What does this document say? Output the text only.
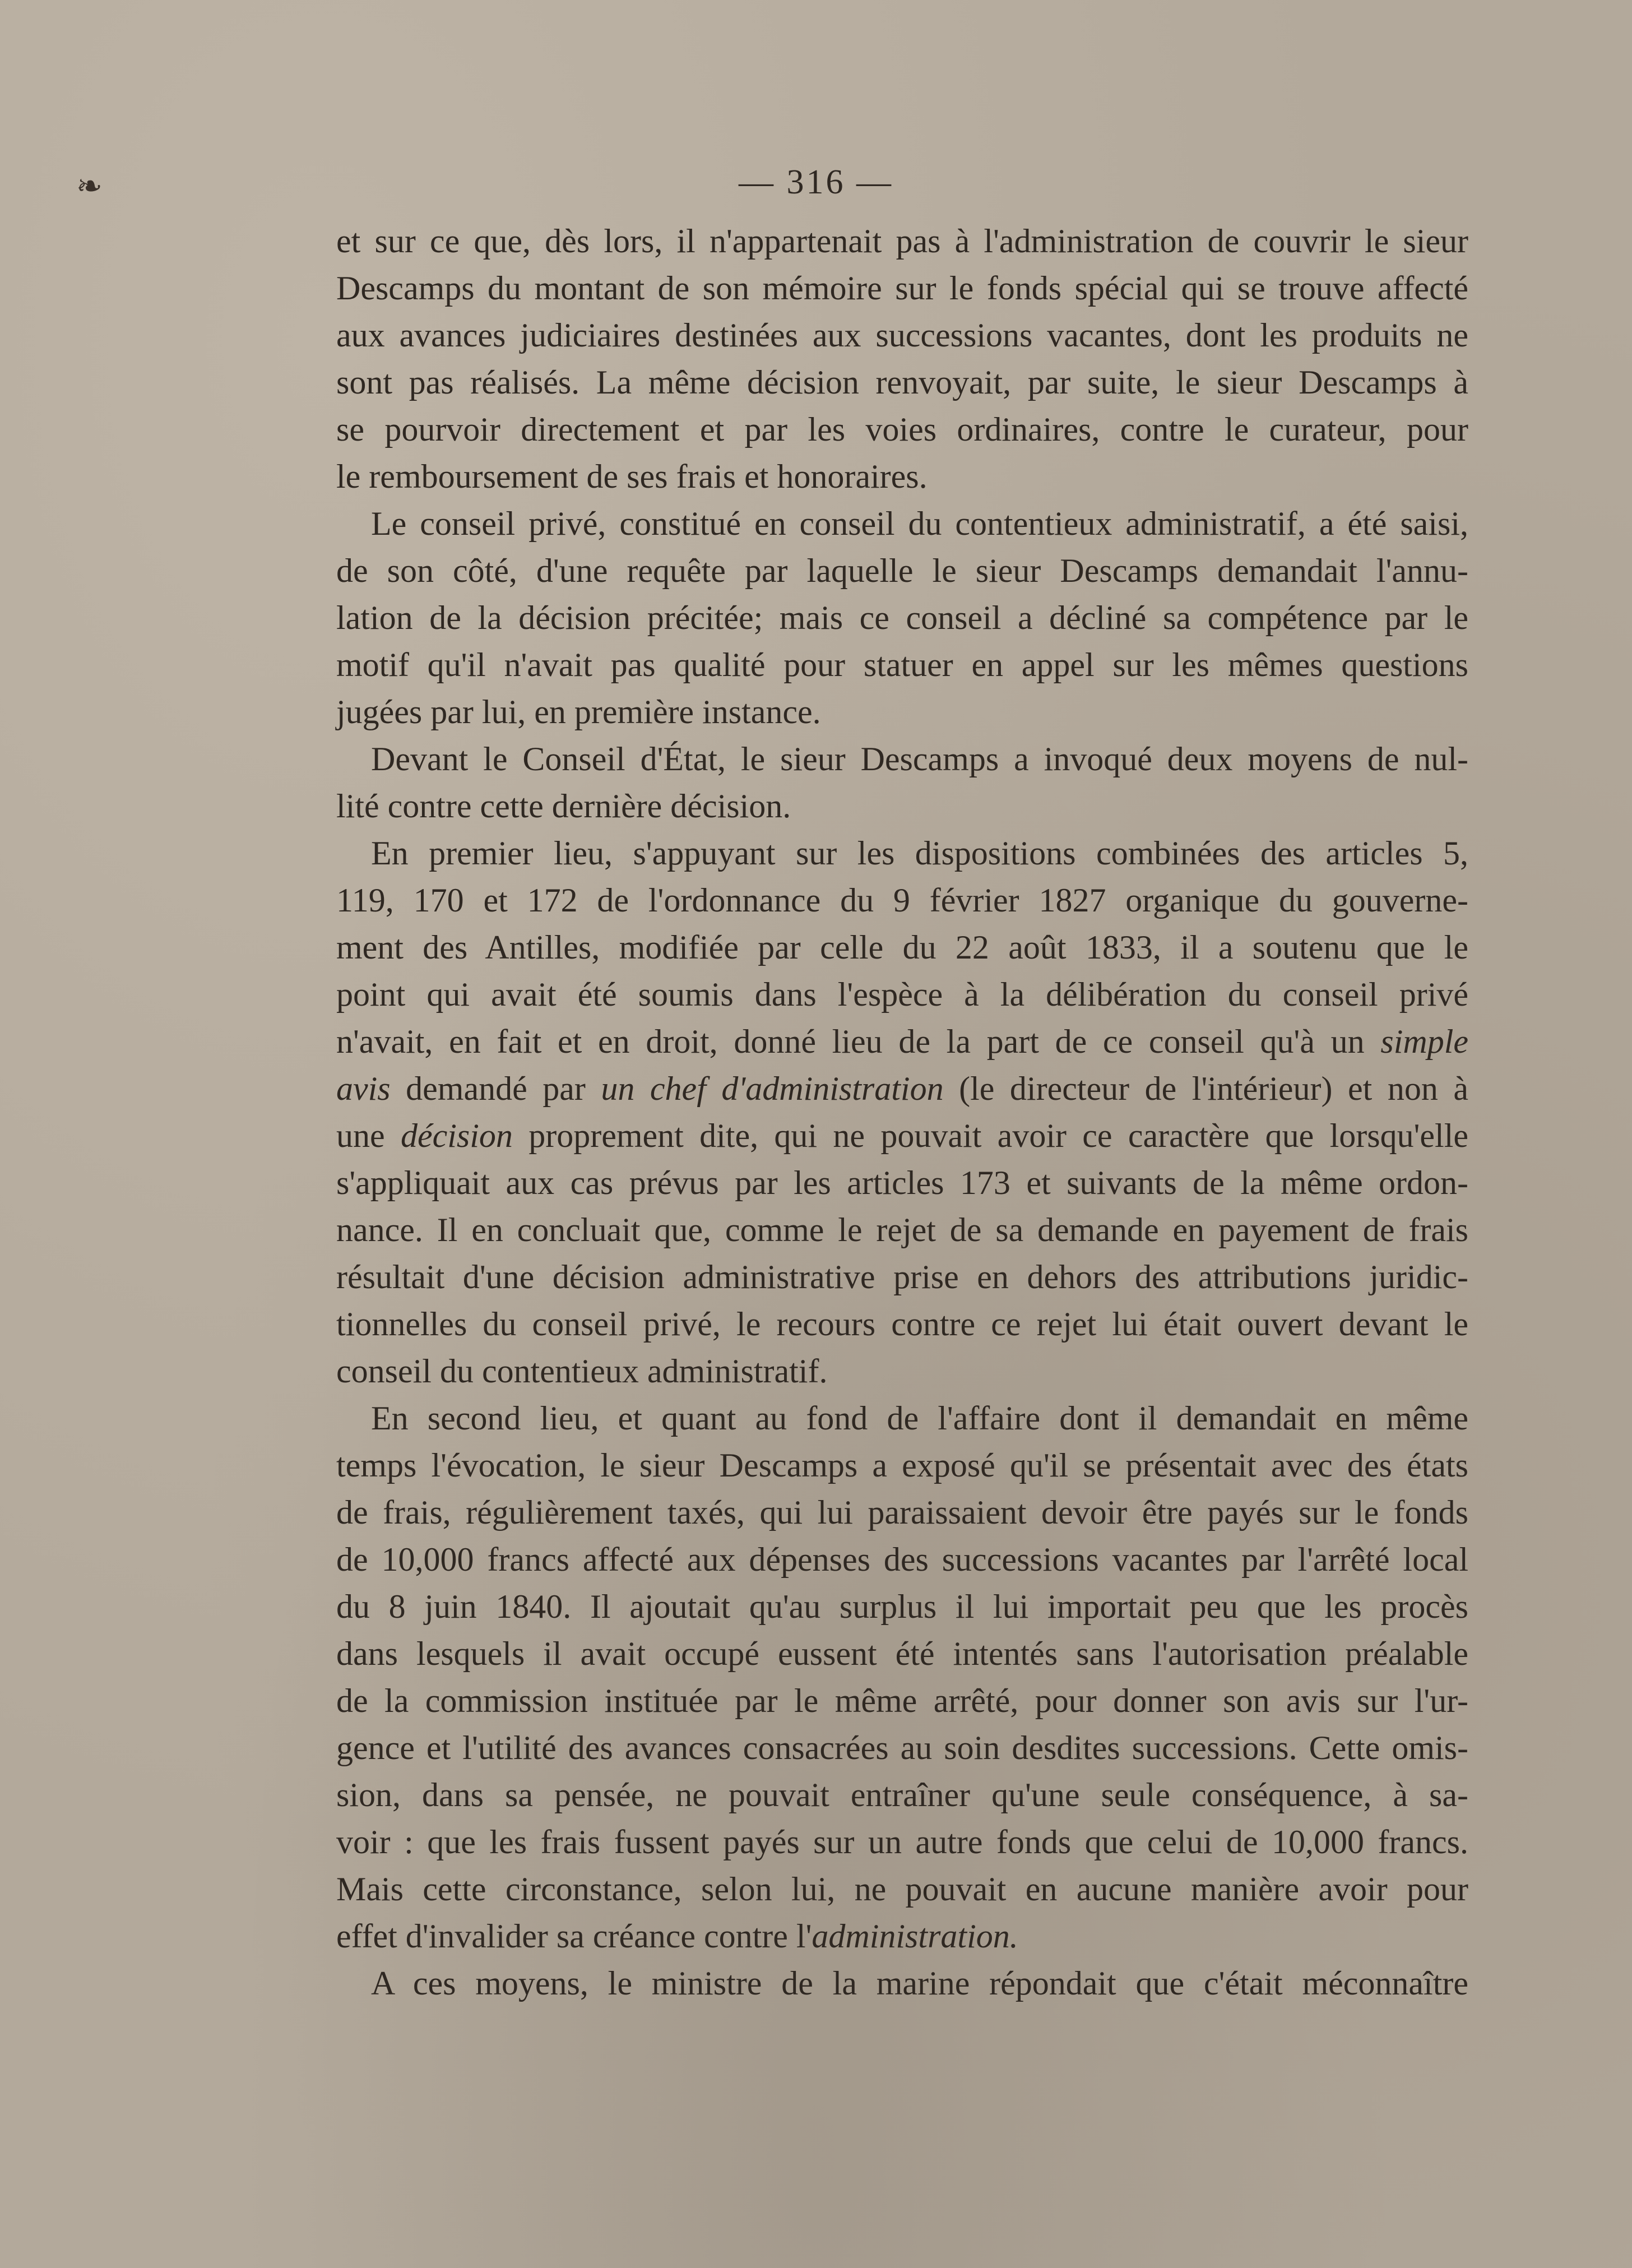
❧	— 316 —
et sur ce que, dès lors, il n'appartenait pas à l'administration de couvrir le sieur
Descamps du montant de son mémoire sur le fonds spécial qui se trouve affecté
aux avances judiciaires destinées aux successions vacantes, dont les produits ne
sont pas réalisés. La même décision renvoyait, par suite, le sieur Descamps à
se pourvoir directement et par les voies ordinaires, contre le curateur, pour
le remboursement de ses frais et honoraires.
Le conseil privé, constitué en conseil du contentieux administratif, a été saisi,
de son côté, d'une requête par laquelle le sieur Descamps demandait l'annu-
lation de la décision précitée; mais ce conseil a décliné sa compétence par le
motif qu'il n'avait pas qualité pour statuer en appel sur les mêmes questions
jugées par lui, en première instance.
Devant le Conseil d'État, le sieur Descamps a invoqué deux moyens de nul-
lité contre cette dernière décision.
En premier lieu, s'appuyant sur les dispositions combinées des articles 5,
119, 170 et 172 de l'ordonnance du 9 février 1827 organique du gouverne-
ment des Antilles, modifiée par celle du 22 août 1833, il a soutenu que le
point qui avait été soumis dans l'espèce à la délibération du conseil privé
n'avait, en fait et en droit, donné lieu de la part de ce conseil qu'à un simple
avis demandé par un chef d'administration (le directeur de l'intérieur) et non à
une décision proprement dite, qui ne pouvait avoir ce caractère que lorsqu'elle
s'appliquait aux cas prévus par les articles 173 et suivants de la même ordon-
nance. Il en concluait que, comme le rejet de sa demande en payement de frais
résultait d'une décision administrative prise en dehors des attributions juridic-
tionnelles du conseil privé, le recours contre ce rejet lui était ouvert devant le
conseil du contentieux administratif.
En second lieu, et quant au fond de l'affaire dont il demandait en même
temps l'évocation, le sieur Descamps a exposé qu'il se présentait avec des états
de frais, régulièrement taxés, qui lui paraissaient devoir être payés sur le fonds
de 10,000 francs affecté aux dépenses des successions vacantes par l'arrêté local
du 8 juin 1840. Il ajoutait qu'au surplus il lui importait peu que les procès
dans lesquels il avait occupé eussent été intentés sans l'autorisation préalable
de la commission instituée par le même arrêté, pour donner son avis sur l'ur-
gence et l'utilité des avances consacrées au soin desdites successions. Cette omis-
sion, dans sa pensée, ne pouvait entraîner qu'une seule conséquence, à sa-
voir : que les frais fussent payés sur un autre fonds que celui de 10,000 francs.
Mais cette circonstance, selon lui, ne pouvait en aucune manière avoir pour
effet d'invalider sa créance contre l'administration.
A ces moyens, le ministre de la marine répondait que c'était méconnaître
